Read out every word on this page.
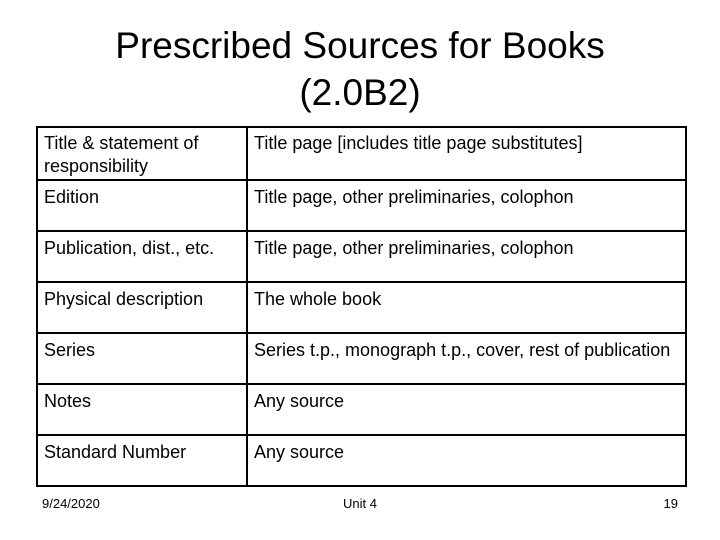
Prescribed Sources for Books
(2.0B2)
Title & statement of responsibility	Title page [includes title page substitutes]
Edition	Title page, other preliminaries, colophon
Publication, dist., etc.	Title page, other preliminaries, colophon
Physical description	The whole book
Series	Series t.p., monograph t.p., cover, rest of publication
Notes	Any source
Standard Number	Any source
9/24/2020	Unit 4	19
